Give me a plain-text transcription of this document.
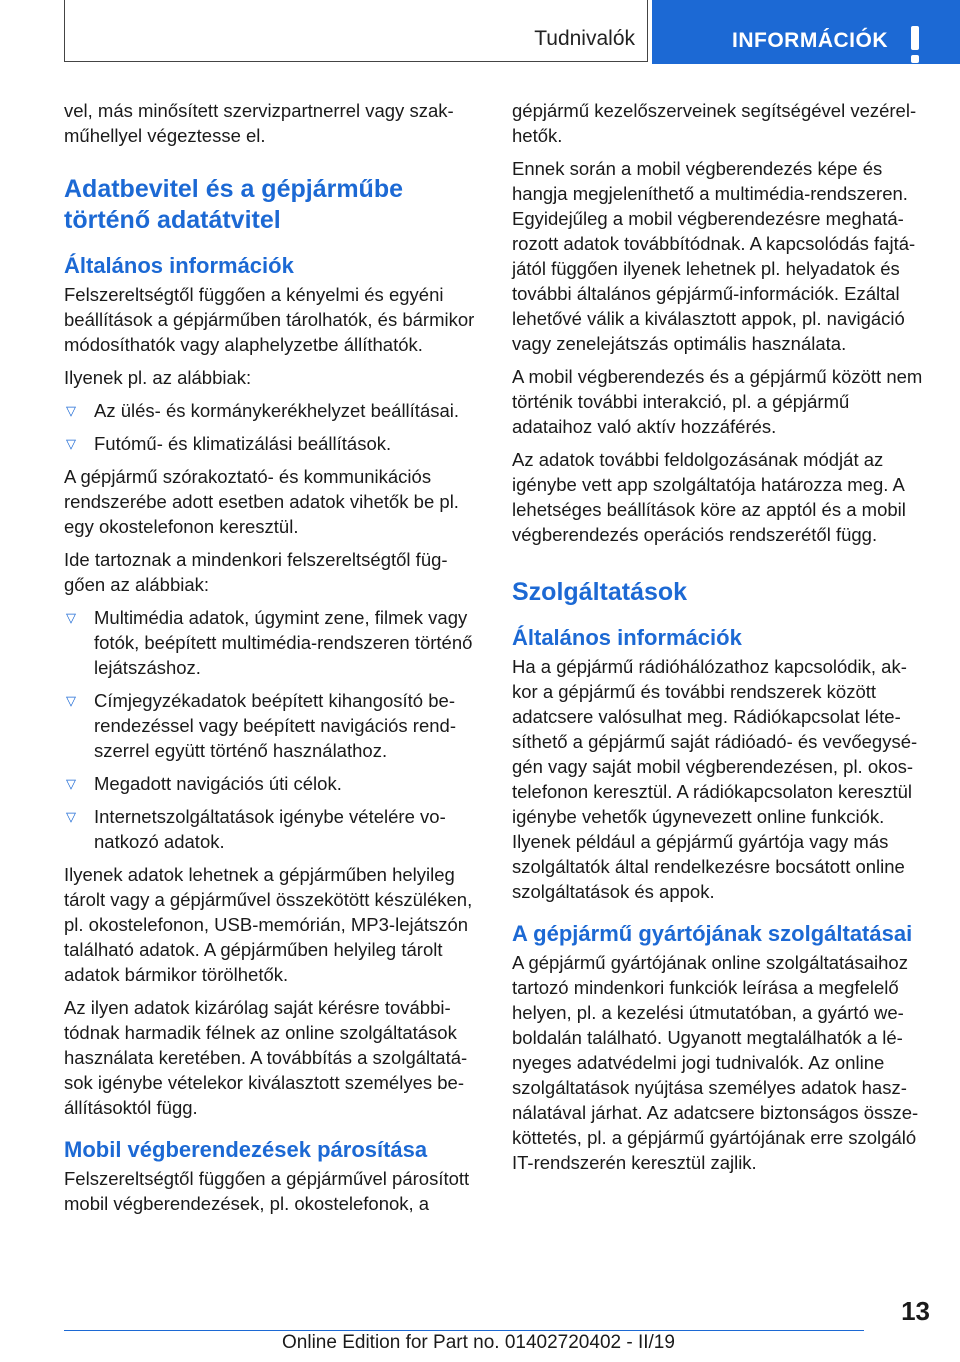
Tudnivalók	INFORMÁCIÓK

vel, más minősített szervizpartnerrel vagy szakműhellyel végeztesse el.

Adatbevitel és a gépjárműbe történő adatátvitel
Általános információk

Felszereltségtől függően a kényelmi és egyéni beállítások a gépjárműben tárolhatók, és bármikor módosíthatók vagy alaphelyzetbe állíthatók.

Ilyenek pl. az alábbiak:

▽ Az ülés- és kormánykerékhelyzet beállításai.
▽ Futómű- és klimatizálási beállítások.

A gépjármű szórakoztató- és kommunikációs rendszerébe adott esetben adatok vihetők be pl. egy okostelefonon keresztül.

Ide tartoznak a mindenkori felszereltségtől függően az alábbiak:

▽ Multimédia adatok, úgymint zene, filmek vagy fotók, beépített multimédia-rendszeren történő lejátszáshoz.
▽ Címjegyzékadatok beépített kihangosító berendezéssel vagy beépített navigációs rendszerrel együtt történő használathoz.
▽ Megadott navigációs úti célok.
▽ Internetszolgáltatások igénybe vételére vonatkozó adatok.

Ilyenek adatok lehetnek a gépjárműben helyileg tárolt vagy a gépjárművel összekötött készüléken, pl. okostelefonon, USB-memórián, MP3-lejátszón található adatok. A gépjárműben helyileg tárolt adatok bármikor törölhetők.

Az ilyen adatok kizárólag saját kérésre továbbitódnak harmadik félnek az online szolgáltatások használata keretében. A továbbítás a szolgáltatások igénybe vételekor kiválasztott személyes beállításoktól függ.

Mobil végberendezések párosítása

Felszereltségtől függően a gépjárművel párosított mobil végberendezések, pl. okostelefonok, a

gépjármű kezelőszerveinek segítségével vezérelhetők.

Ennek során a mobil végberendezés képe és hangja megjeleníthető a multimédia-rendszeren. Egyidejűleg a mobil végberendezésre meghatározott adatok továbbítódnak. A kapcsolódás fajtájától függően ilyenek lehetnek pl. helyadatok és további általános gépjármű-információk. Ezáltal lehetővé válik a kiválasztott appok, pl. navigáció vagy zenelejátszás optimális használata.

A mobil végberendezés és a gépjármű között nem történik további interakció, pl. a gépjármű adataihoz való aktív hozzáférés.

Az adatok további feldolgozásának módját az igénybe vett app szolgáltatója határozza meg. A lehetséges beállítások köre az apptól és a mobil végberendezés operációs rendszerétől függ.

Szolgáltatások
Általános információk

Ha a gépjármű rádióhálózathoz kapcsolódik, akkor a gépjármű és további rendszerek között adatcsere valósulhat meg. Rádiókapcsolat létesíthető a gépjármű saját rádióadó- és vevőegységén vagy saját mobil végberendezésen, pl. okostelefonon keresztül. A rádiókapcsolaton keresztül igénybe vehetők úgynevezett online funkciók. Ilyenek például a gépjármű gyártója vagy más szolgáltatók által rendelkezésre bocsátott online szolgáltatások és appok.

A gépjármű gyártójának szolgáltatásai

A gépjármű gyártójának online szolgáltatásaihoz tartozó mindenkori funkciók leírása a megfelelő helyen, pl. a kezelési útmutatóban, a gyártó weboldalán található. Ugyanott megtalálhatók a lényeges adatvédelmi jogi tudnivalók. Az online szolgáltatások nyújtása személyes adatok használatával járhat. Az adatcsere biztonságos összeköttetés, pl. a gépjármű gyártójának erre szolgáló IT-rendszerén keresztül zajlik.

13
Online Edition for Part no. 01402720402 - II/19
